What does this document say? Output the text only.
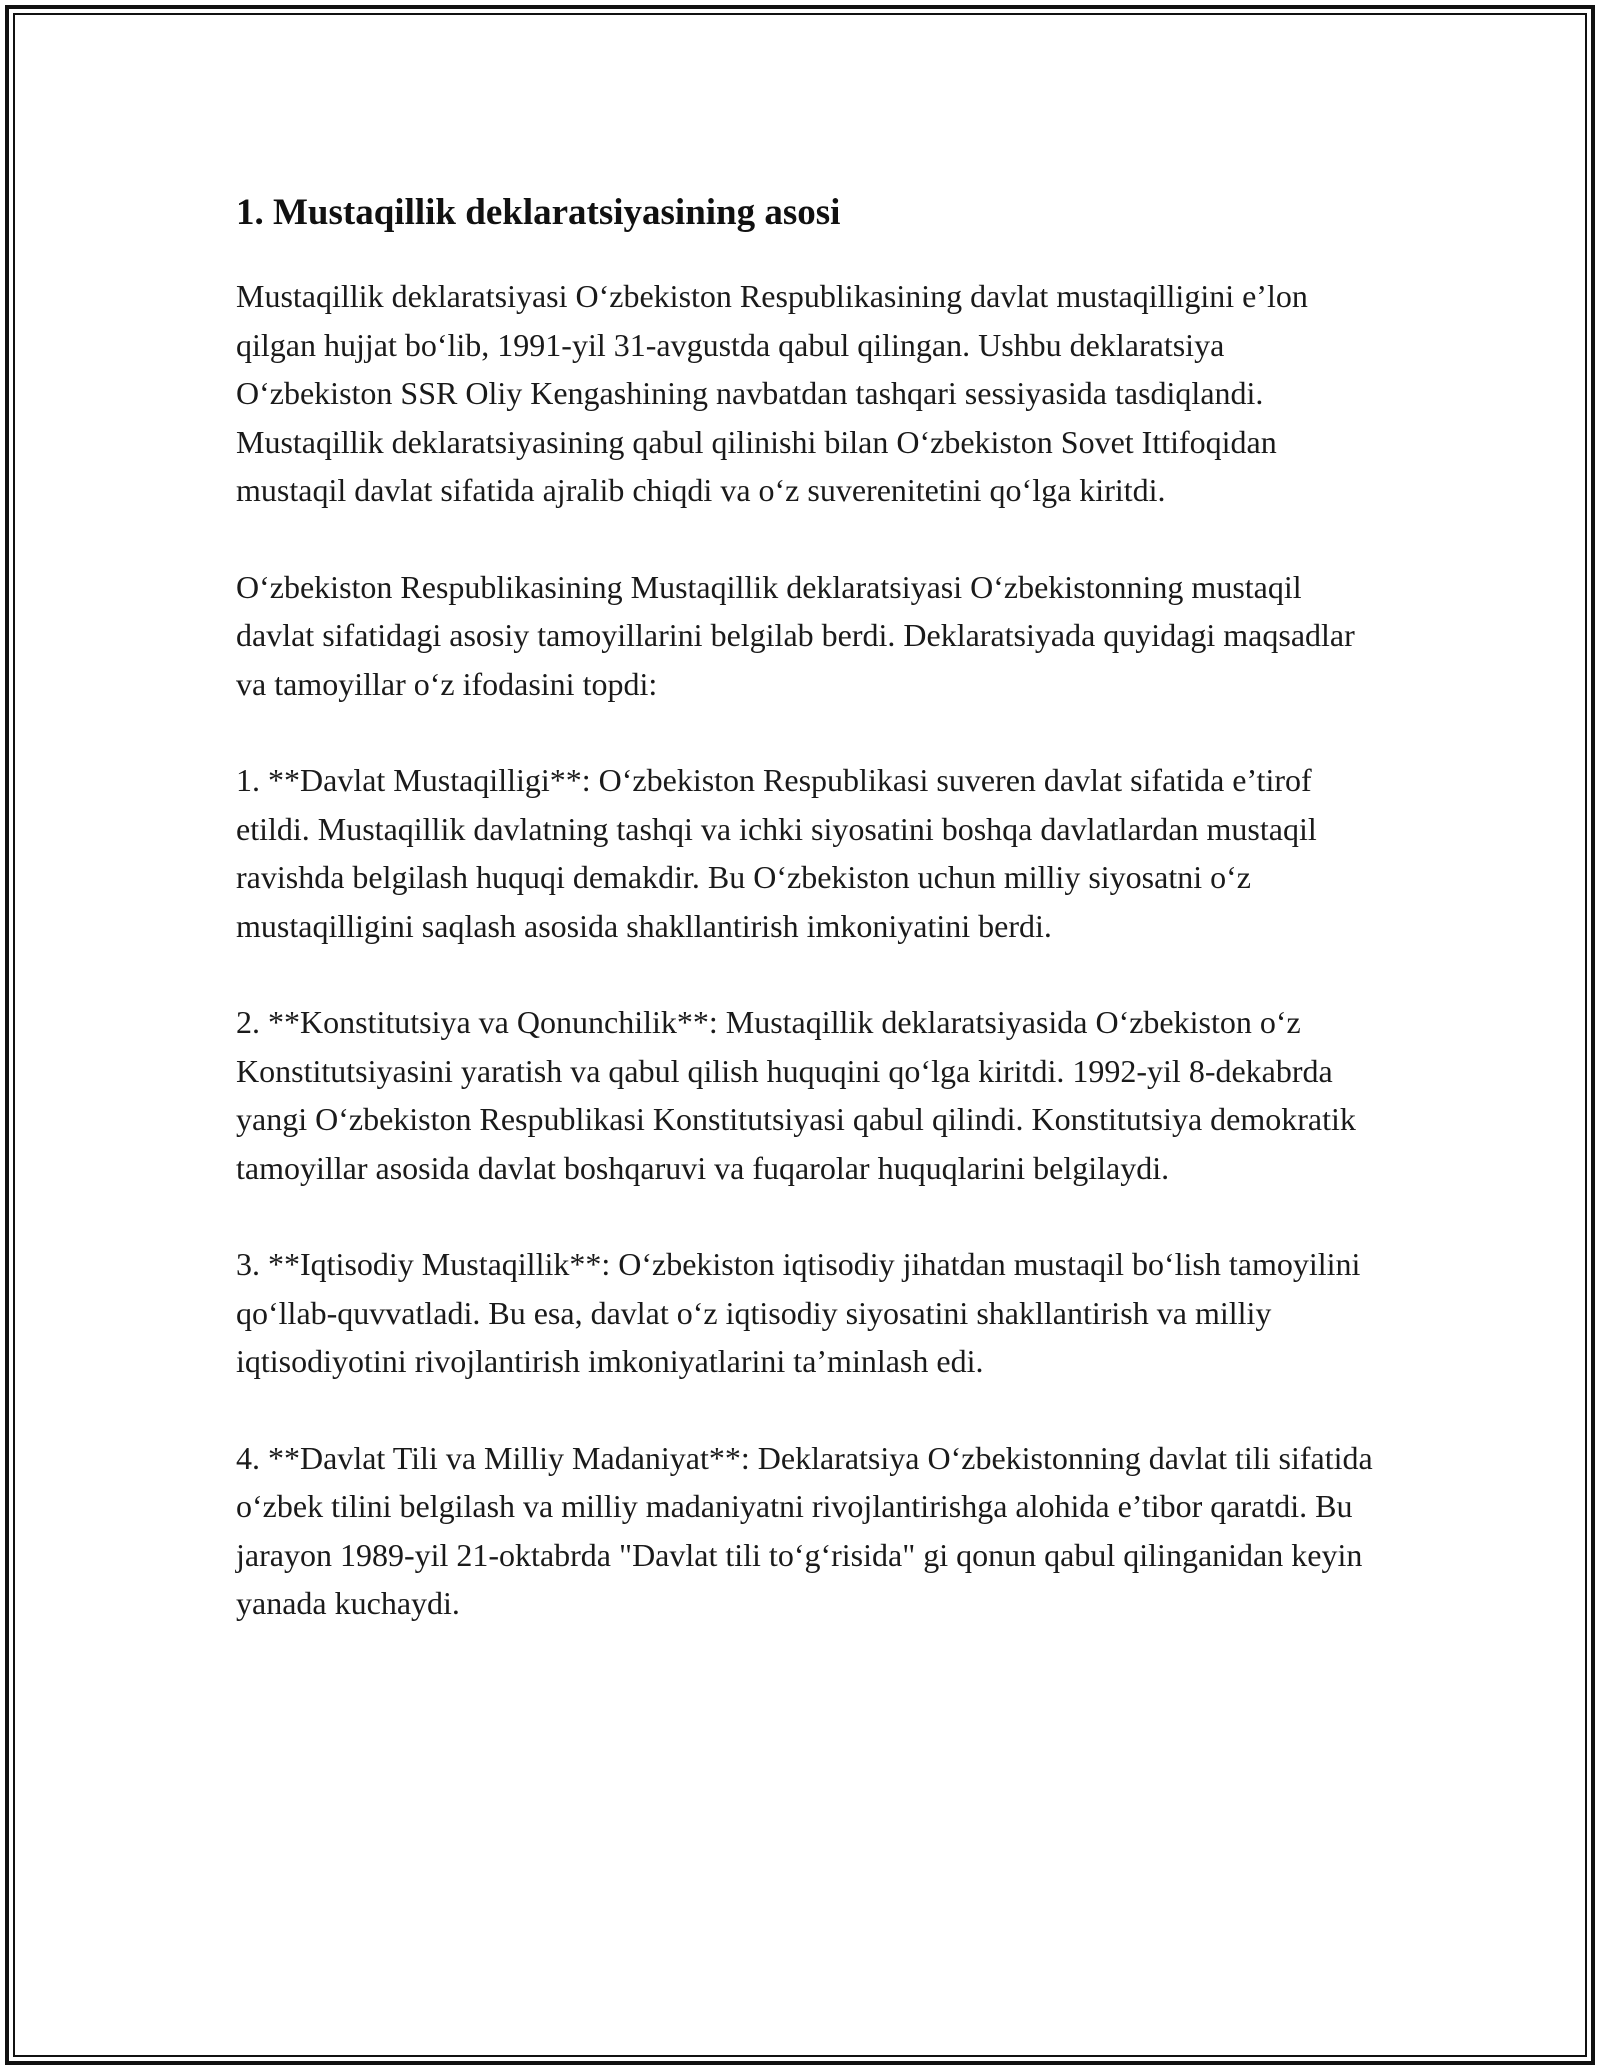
1. Mustaqillik deklaratsiyasining asosi

Mustaqillik deklaratsiyasi O‘zbekiston Respublikasining davlat mustaqilligini e’lon qilgan hujjat bo‘lib, 1991-yil 31-avgustda qabul qilingan. Ushbu deklaratsiya O‘zbekiston SSR Oliy Kengashining navbatdan tashqari sessiyasida tasdiqlandi. Mustaqillik deklaratsiyasining qabul qilinishi bilan O‘zbekiston Sovet Ittifoqidan mustaqil davlat sifatida ajralib chiqdi va o‘z suverenitetini qo‘lga kiritdi.

O‘zbekiston Respublikasining Mustaqillik deklaratsiyasi O‘zbekistonning mustaqil davlat sifatidagi asosiy tamoyillarini belgilab berdi. Deklaratsiyada quyidagi maqsadlar va tamoyillar o‘z ifodasini topdi:

1. **Davlat Mustaqilligi**: O‘zbekiston Respublikasi suveren davlat sifatida e’tirof etildi. Mustaqillik davlatning tashqi va ichki siyosatini boshqa davlatlardan mustaqil ravishda belgilash huquqi demakdir. Bu O‘zbekiston uchun milliy siyosatni o‘z mustaqilligini saqlash asosida shakllantirish imkoniyatini berdi.

2. **Konstitutsiya va Qonunchilik**: Mustaqillik deklaratsiyasida O‘zbekiston o‘z Konstitutsiyasini yaratish va qabul qilish huquqini qo‘lga kiritdi. 1992-yil 8-dekabrda yangi O‘zbekiston Respublikasi Konstitutsiyasi qabul qilindi. Konstitutsiya demokratik tamoyillar asosida davlat boshqaruvi va fuqarolar huquqlarini belgilaydi.

3. **Iqtisodiy Mustaqillik**: O‘zbekiston iqtisodiy jihatdan mustaqil bo‘lish tamoyilini qo‘llab-quvvatladi. Bu esa, davlat o‘z iqtisodiy siyosatini shakllantirish va milliy iqtisodiyotini rivojlantirish imkoniyatlarini ta’minlash edi.

4. **Davlat Tili va Milliy Madaniyat**: Deklaratsiya O‘zbekistonning davlat tili sifatida o‘zbek tilini belgilash va milliy madaniyatni rivojlantirishga alohida e’tibor qaratdi. Bu jarayon 1989-yil 21-oktabrda "Davlat tili to‘g‘risida" gi qonun qabul qilinganidan keyin yanada kuchaydi.
